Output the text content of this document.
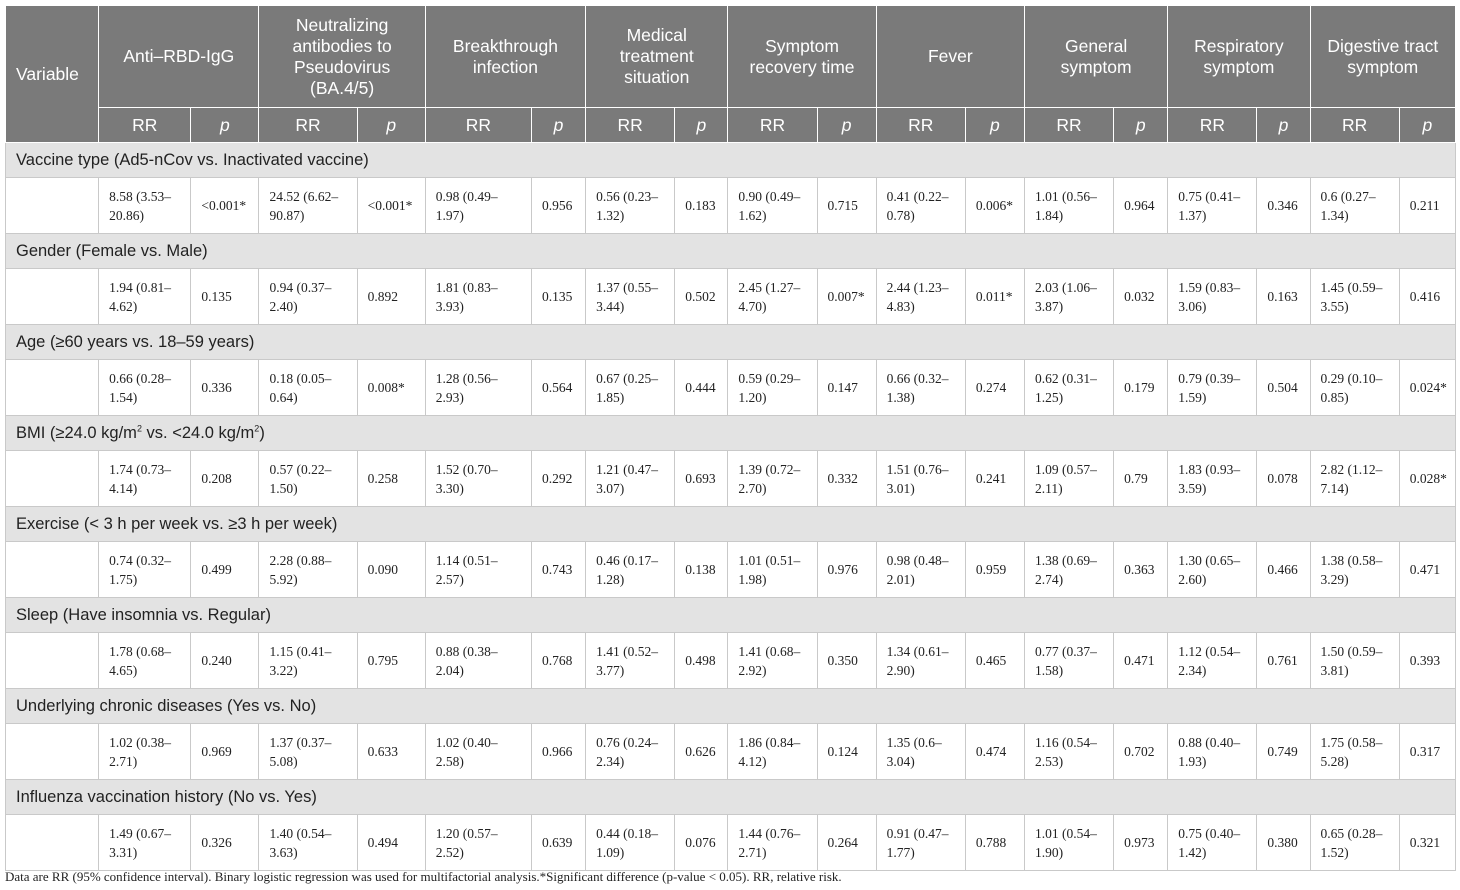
Variable	Anti–RBD-IgG		Neutralizing antibodies to Pseudovirus (BA.4/5)		Breakthrough infection		Medical treatment situation		Symptom recovery time		Fever		General symptom		Respiratory symptom		Digestive tract symptom	
	RR	p	RR	p	RR	p	RR	p	RR	p	RR	p	RR	p	RR	p	RR	p
Vaccine type (Ad5-nCov vs. Inactivated vaccine)																		
	8.58 (3.53–20.86)	<0.001*	24.52 (6.62–90.87)	<0.001*	0.98 (0.49–1.97)	0.956	0.56 (0.23–1.32)	0.183	0.90 (0.49–1.62)	0.715	0.41 (0.22–0.78)	0.006*	1.01 (0.56–1.84)	0.964	0.75 (0.41–1.37)	0.346	0.6 (0.27–1.34)	0.211
Gender (Female vs. Male)																		
	1.94 (0.81–4.62)	0.135	0.94 (0.37–2.40)	0.892	1.81 (0.83–3.93)	0.135	1.37 (0.55–3.44)	0.502	2.45 (1.27–4.70)	0.007*	2.44 (1.23–4.83)	0.011*	2.03 (1.06–3.87)	0.032	1.59 (0.83–3.06)	0.163	1.45 (0.59–3.55)	0.416
Age (≥60 years vs. 18–59 years)																		
	0.66 (0.28–1.54)	0.336	0.18 (0.05–0.64)	0.008*	1.28 (0.56–2.93)	0.564	0.67 (0.25–1.85)	0.444	0.59 (0.29–1.20)	0.147	0.66 (0.32–1.38)	0.274	0.62 (0.31–1.25)	0.179	0.79 (0.39–1.59)	0.504	0.29 (0.10–0.85)	0.024*
BMI (≥24.0 $kg/m^2$ vs. <24.0 $kg/m^2$)																		
	1.74 (0.73–4.14)	0.208	0.57 (0.22–1.50)	0.258	1.52 (0.70–3.30)	0.292	1.21 (0.47–3.07)	0.693	1.39 (0.72–2.70)	0.332	1.51 (0.76–3.01)	0.241	1.09 (0.57–2.11)	0.79	1.83 (0.93–3.59)	0.078	2.82 (1.12–7.14)	0.028*
Exercise (< 3 h per week vs. ≥3 h per week)																		
	0.74 (0.32–1.75)	0.499	2.28 (0.88–5.92)	0.090	1.14 (0.51–2.57)	0.743	0.46 (0.17–1.28)	0.138	1.01 (0.51–1.98)	0.976	0.98 (0.48–2.01)	0.959	1.38 (0.69–2.74)	0.363	1.30 (0.65–2.60)	0.466	1.38 (0.58–3.29)	0.471
Sleep (Have insomnia vs. Regular)																		
	1.78 (0.68–4.65)	0.240	1.15 (0.41–3.22)	0.795	0.88 (0.38–2.04)	0.768	1.41 (0.52–3.77)	0.498	1.41 (0.68–2.92)	0.350	1.34 (0.61–2.90)	0.465	0.77 (0.37–1.58)	0.471	1.12 (0.54–2.34)	0.761	1.50 (0.59–3.81)	0.393
Underlying chronic diseases (Yes vs. No)																		
	1.02 (0.38–2.71)	0.969	1.37 (0.37–5.08)	0.633	1.02 (0.40–2.58)	0.966	0.76 (0.24–2.34)	0.626	1.86 (0.84–4.12)	0.124	1.35 (0.6–3.04)	0.474	1.16 (0.54–2.53)	0.702	0.88 (0.40–1.93)	0.749	1.75 (0.58–5.28)	0.317
Influenza vaccination history (No vs. Yes)																		
	1.49 (0.67–3.31)	0.326	1.40 (0.54–3.63)	0.494	1.20 (0.57–2.52)	0.639	0.44 (0.18–1.09)	0.076	1.44 (0.76–2.71)	0.264	0.91 (0.47–1.77)	0.788	1.01 (0.54–1.90)	0.973	0.75 (0.40–1.42)	0.380	0.65 (0.28–1.52)	0.321
Data are RR (95% confidence interval). Binary logistic regression was used for multifactorial analysis.*Significant difference (p-value < 0.05). RR, relative risk.
